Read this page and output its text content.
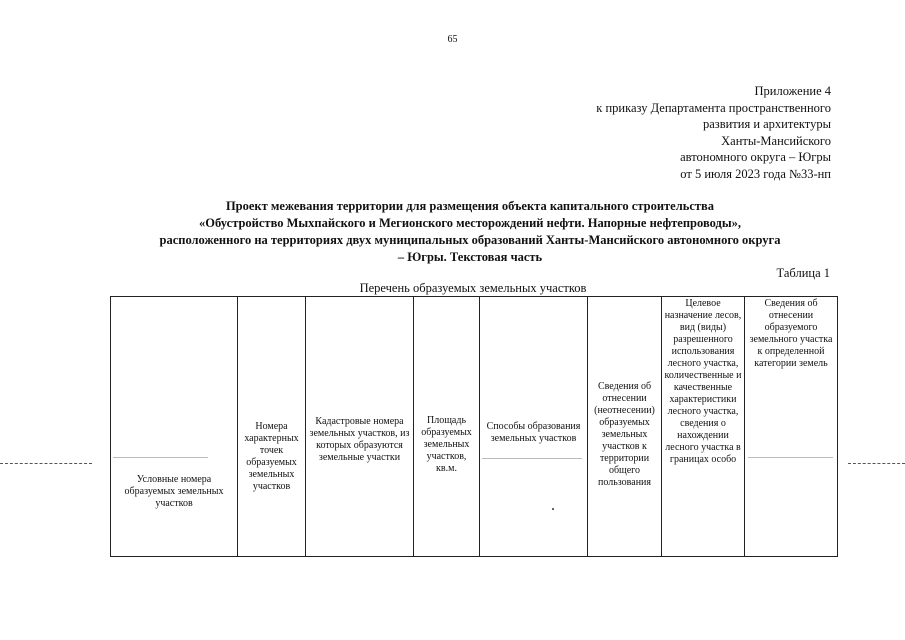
65
Приложение 4
к приказу Департамента пространственного
развития и архитектуры
Ханты-Мансийского
автономного округа – Югры
от 5 июля 2023 года №33-нп
Проект межевания территории для размещения объекта капитального строительства
«Обустройство Мыхпайского и Мегионского месторождений нефти. Напорные нефтепроводы»,
расположенного на территориях двух муниципальных образований Ханты-Мансийского автономного округа
– Югры. Текстовая часть
Таблица 1
Перечень образуемых земельных участков
Условные номера образуемых земельных участков	Номера характерных точек образуемых земельных участков	Кадастровые номера земельных участков, из которых образуются земельные участки	Площадь образуемых земельных участков, кв.м.	Способы образования земельных участков	Сведения об отнесении (неотнесении) образуемых земельных участков к территории общего пользования	Целевое назначение лесов, вид (виды) разрешенного использования лесного участка, количественные и качественные характеристики лесного участка, сведения о нахождении лесного участка в границах особо	Сведения об отнесении образуемого земельного участка к определенной категории земель
